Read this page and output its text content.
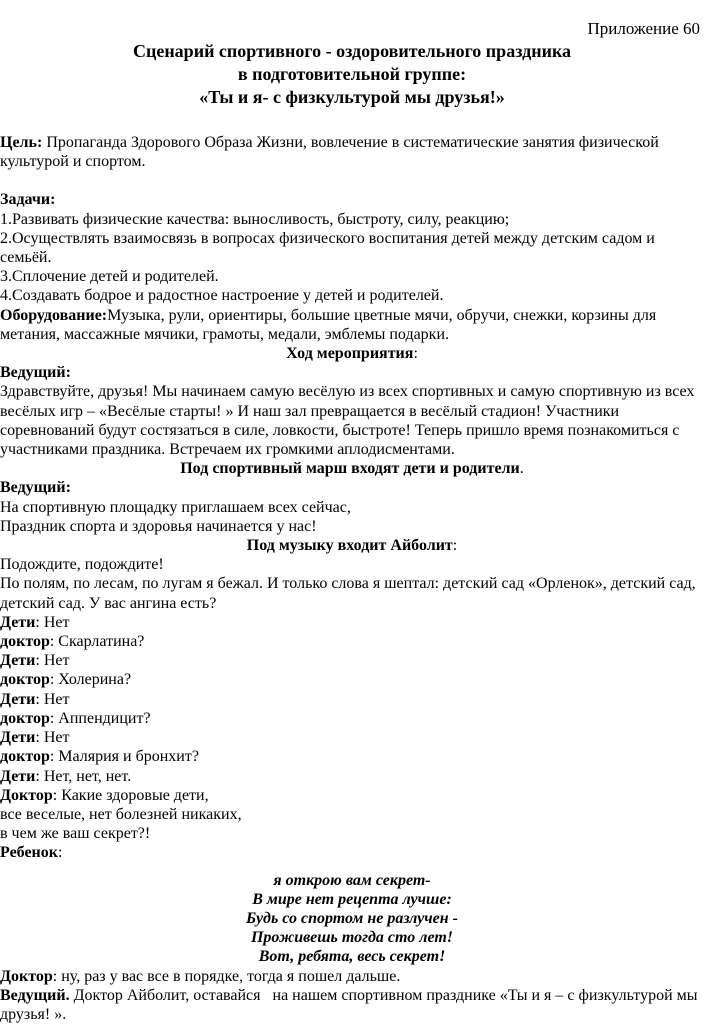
Приложение 60
Сценарий спортивного - оздоровительного праздника
в подготовительной группе:
«Ты и я- с физкультурой мы друзья!»

Цель: Пропаганда Здорового Образа Жизни, вовлечение в систематические занятия физической культурой и спортом.

Задачи:

1.Развивать физические качества: выносливость, быстроту, силу, реакцию;

2.Осуществлять взаимосвязь в вопросах физического воспитания детей между детским садом и семьёй.

3.Сплочение детей и родителей.

4.Создавать бодрое и радостное настроение у детей и родителей.

Оборудование:Музыка, рули, ориентиры, большие цветные мячи, обручи, снежки, корзины для метания, массажные мячики, грамоты, медали, эмблемы подарки.

Ход мероприятия:

Ведущий:

Здравствуйте, друзья! Мы начинаем самую весёлую из всех спортивных и самую спортивную из всех весёлых игр – «Весёлые старты! » И наш зал превращается в весёлый стадион! Участники соревнований будут состязаться в силе, ловкости, быстроте! Теперь пришло время познакомиться с участниками праздника. Встречаем их громкими аплодисментами.

Под спортивный марш входят дети и родители.

Ведущий:

На спортивную площадку приглашаем всех сейчас,

Праздник спорта и здоровья начинается у нас!

Под музыку входит Айболит:

Подождите, подождите!

По полям, по лесам, по лугам я бежал. И только слова я шептал: детский сад «Орленок», детский сад, детский сад. У вас ангина есть?

Дети: Нет

доктор: Скарлатина?

Дети: Нет

доктор: Холерина?

Дети: Нет

доктор: Аппендицит?

Дети: Нет

доктор: Малярия и бронхит?

Дети: Нет, нет, нет.

Доктор: Какие здоровые дети,

все веселые, нет болезней никаких,

в чем же ваш секрет?!

Ребенок:

я открою вам секрет-

В мире нет рецепта лучше:

Будь со спортом не разлучен -

Проживешь тогда сто лет!

Вот, ребята, весь секрет!

Доктор: ну, раз у вас все в порядке, тогда я пошел дальше.

Ведущий. Доктор Айболит, оставайся   на нашем спортивном празднике «Ты и я – с физкультурой мы друзья! ».
